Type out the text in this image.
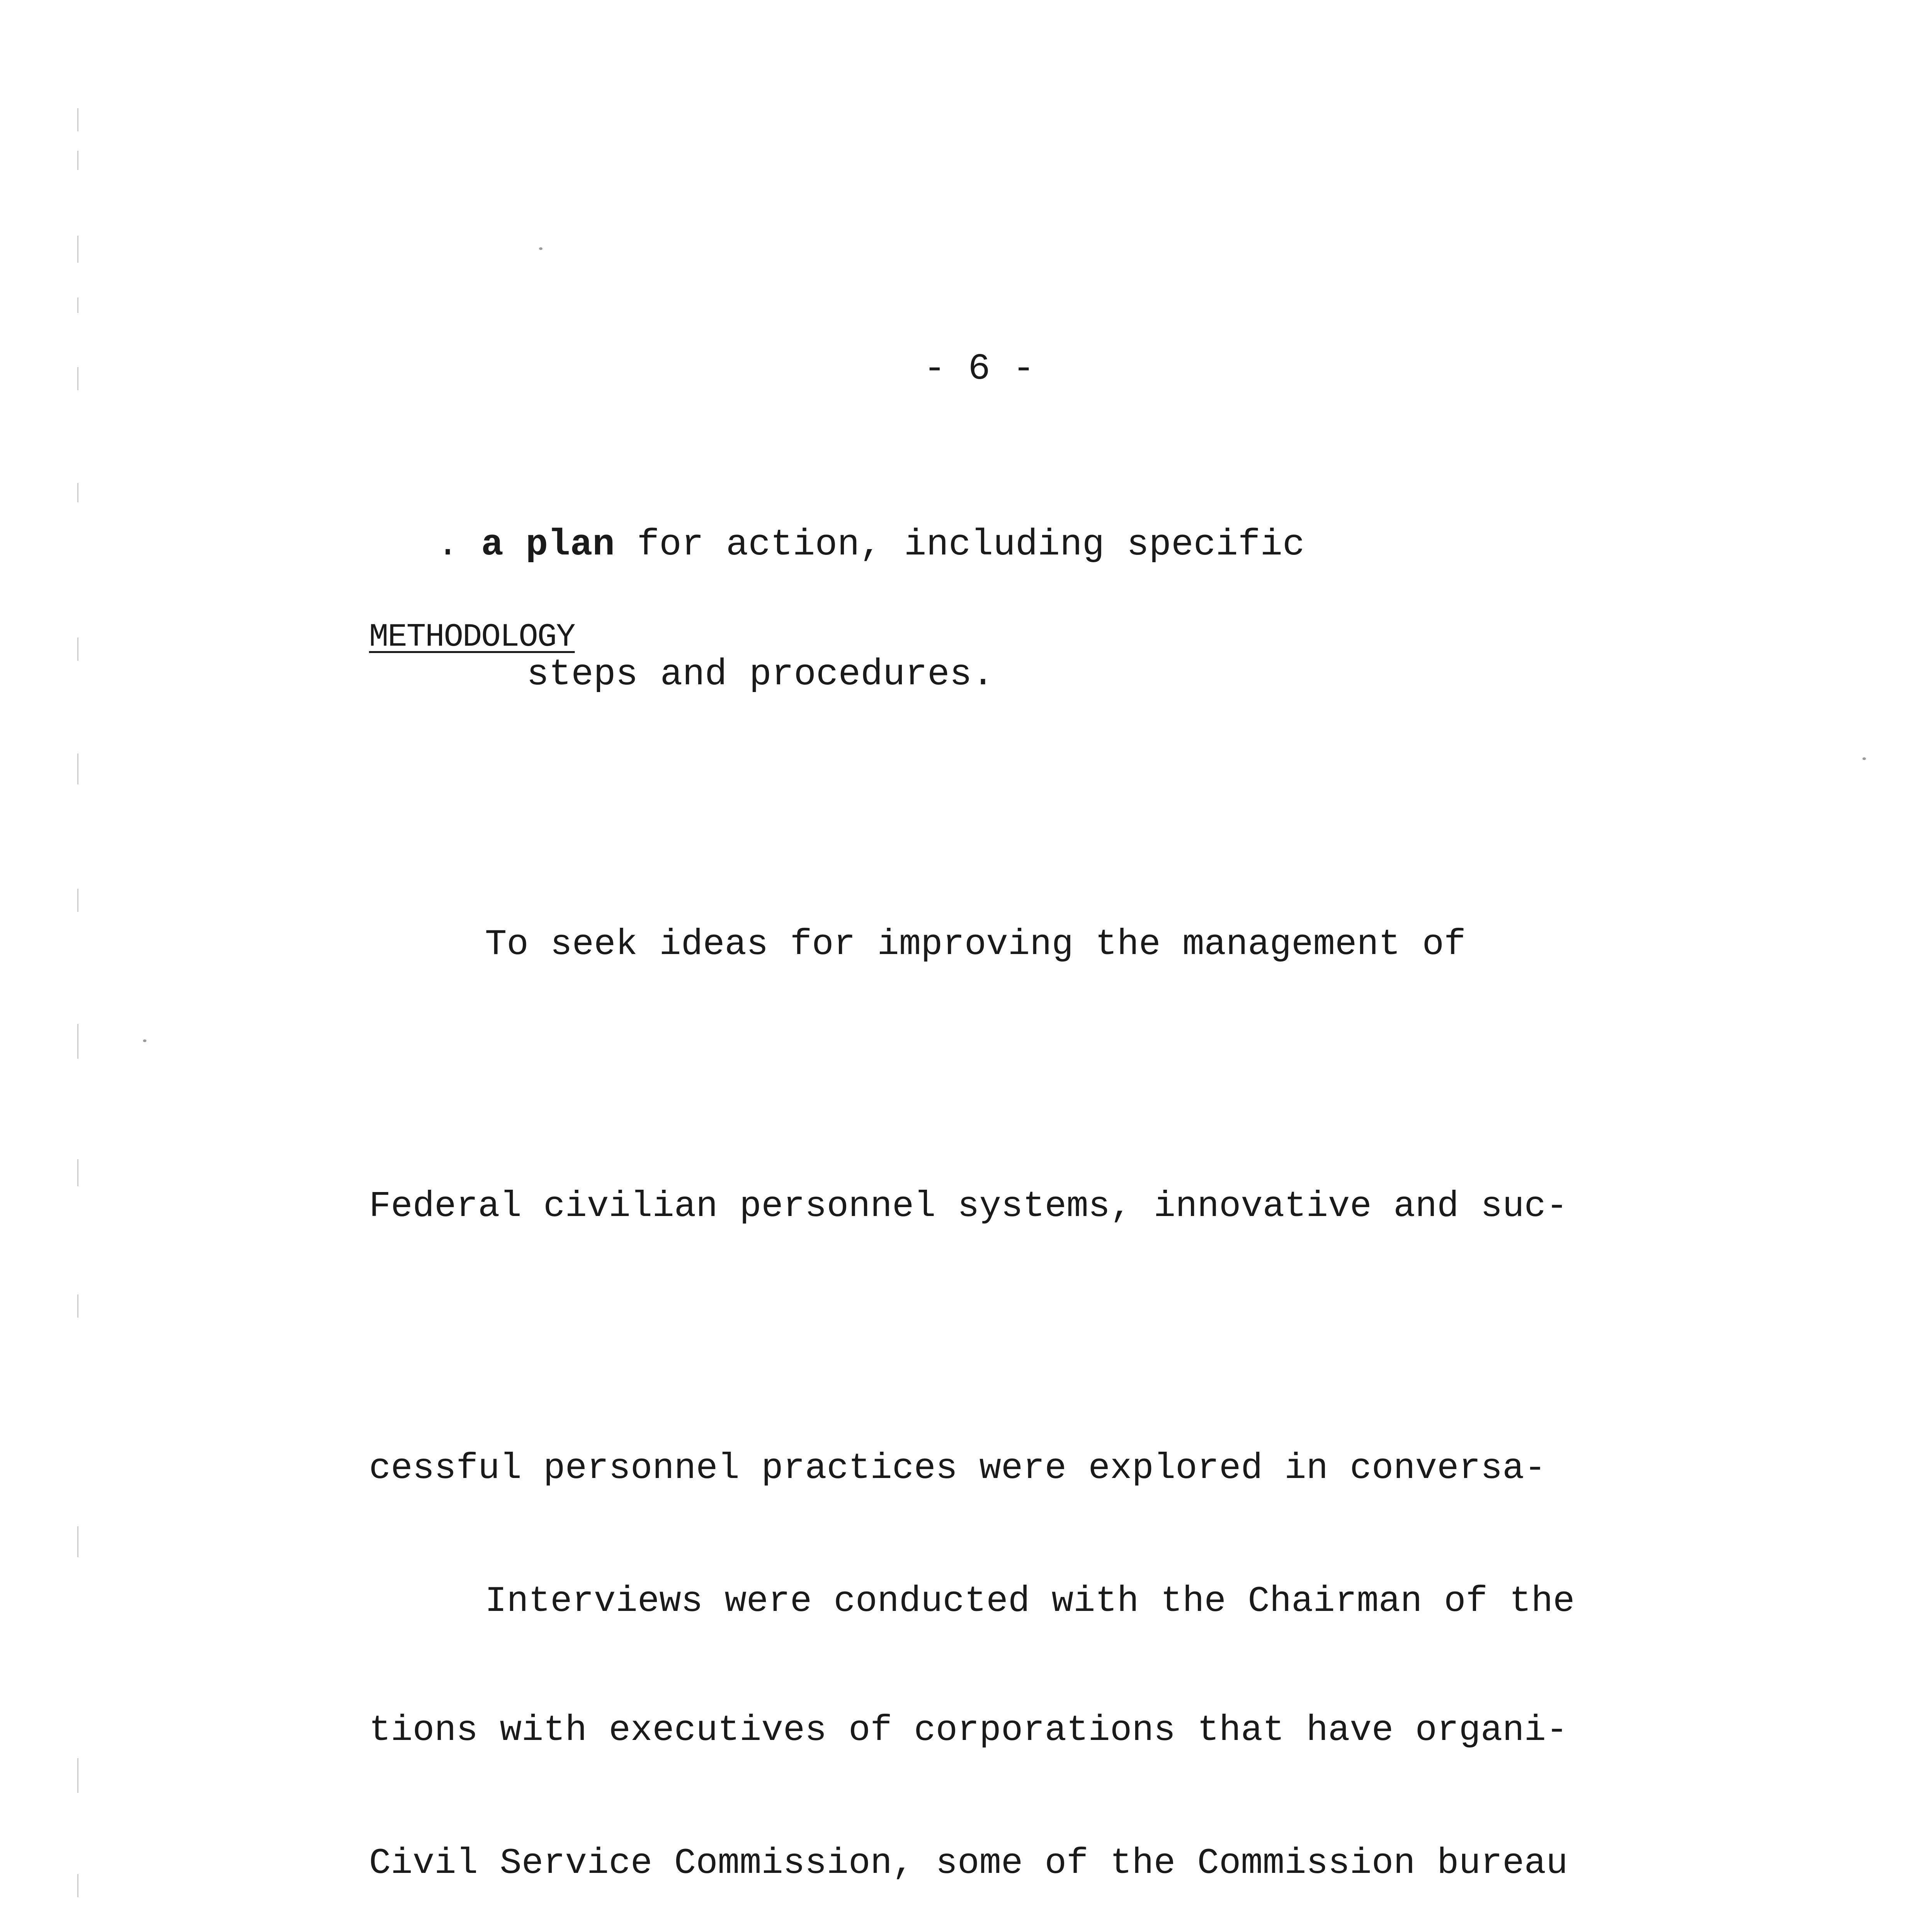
- 6 -

. a plan for action, including specific

steps and procedures.

METHODOLOGY

To seek ideas for improving the management of

Federal civilian personnel systems, innovative and suc-

cessful personnel practices were explored in conversa-

tions with executives of corporations that have organi-

Interviews were conducted with the Chairman of the

Civil Service Commission, some of the Commission bureau
